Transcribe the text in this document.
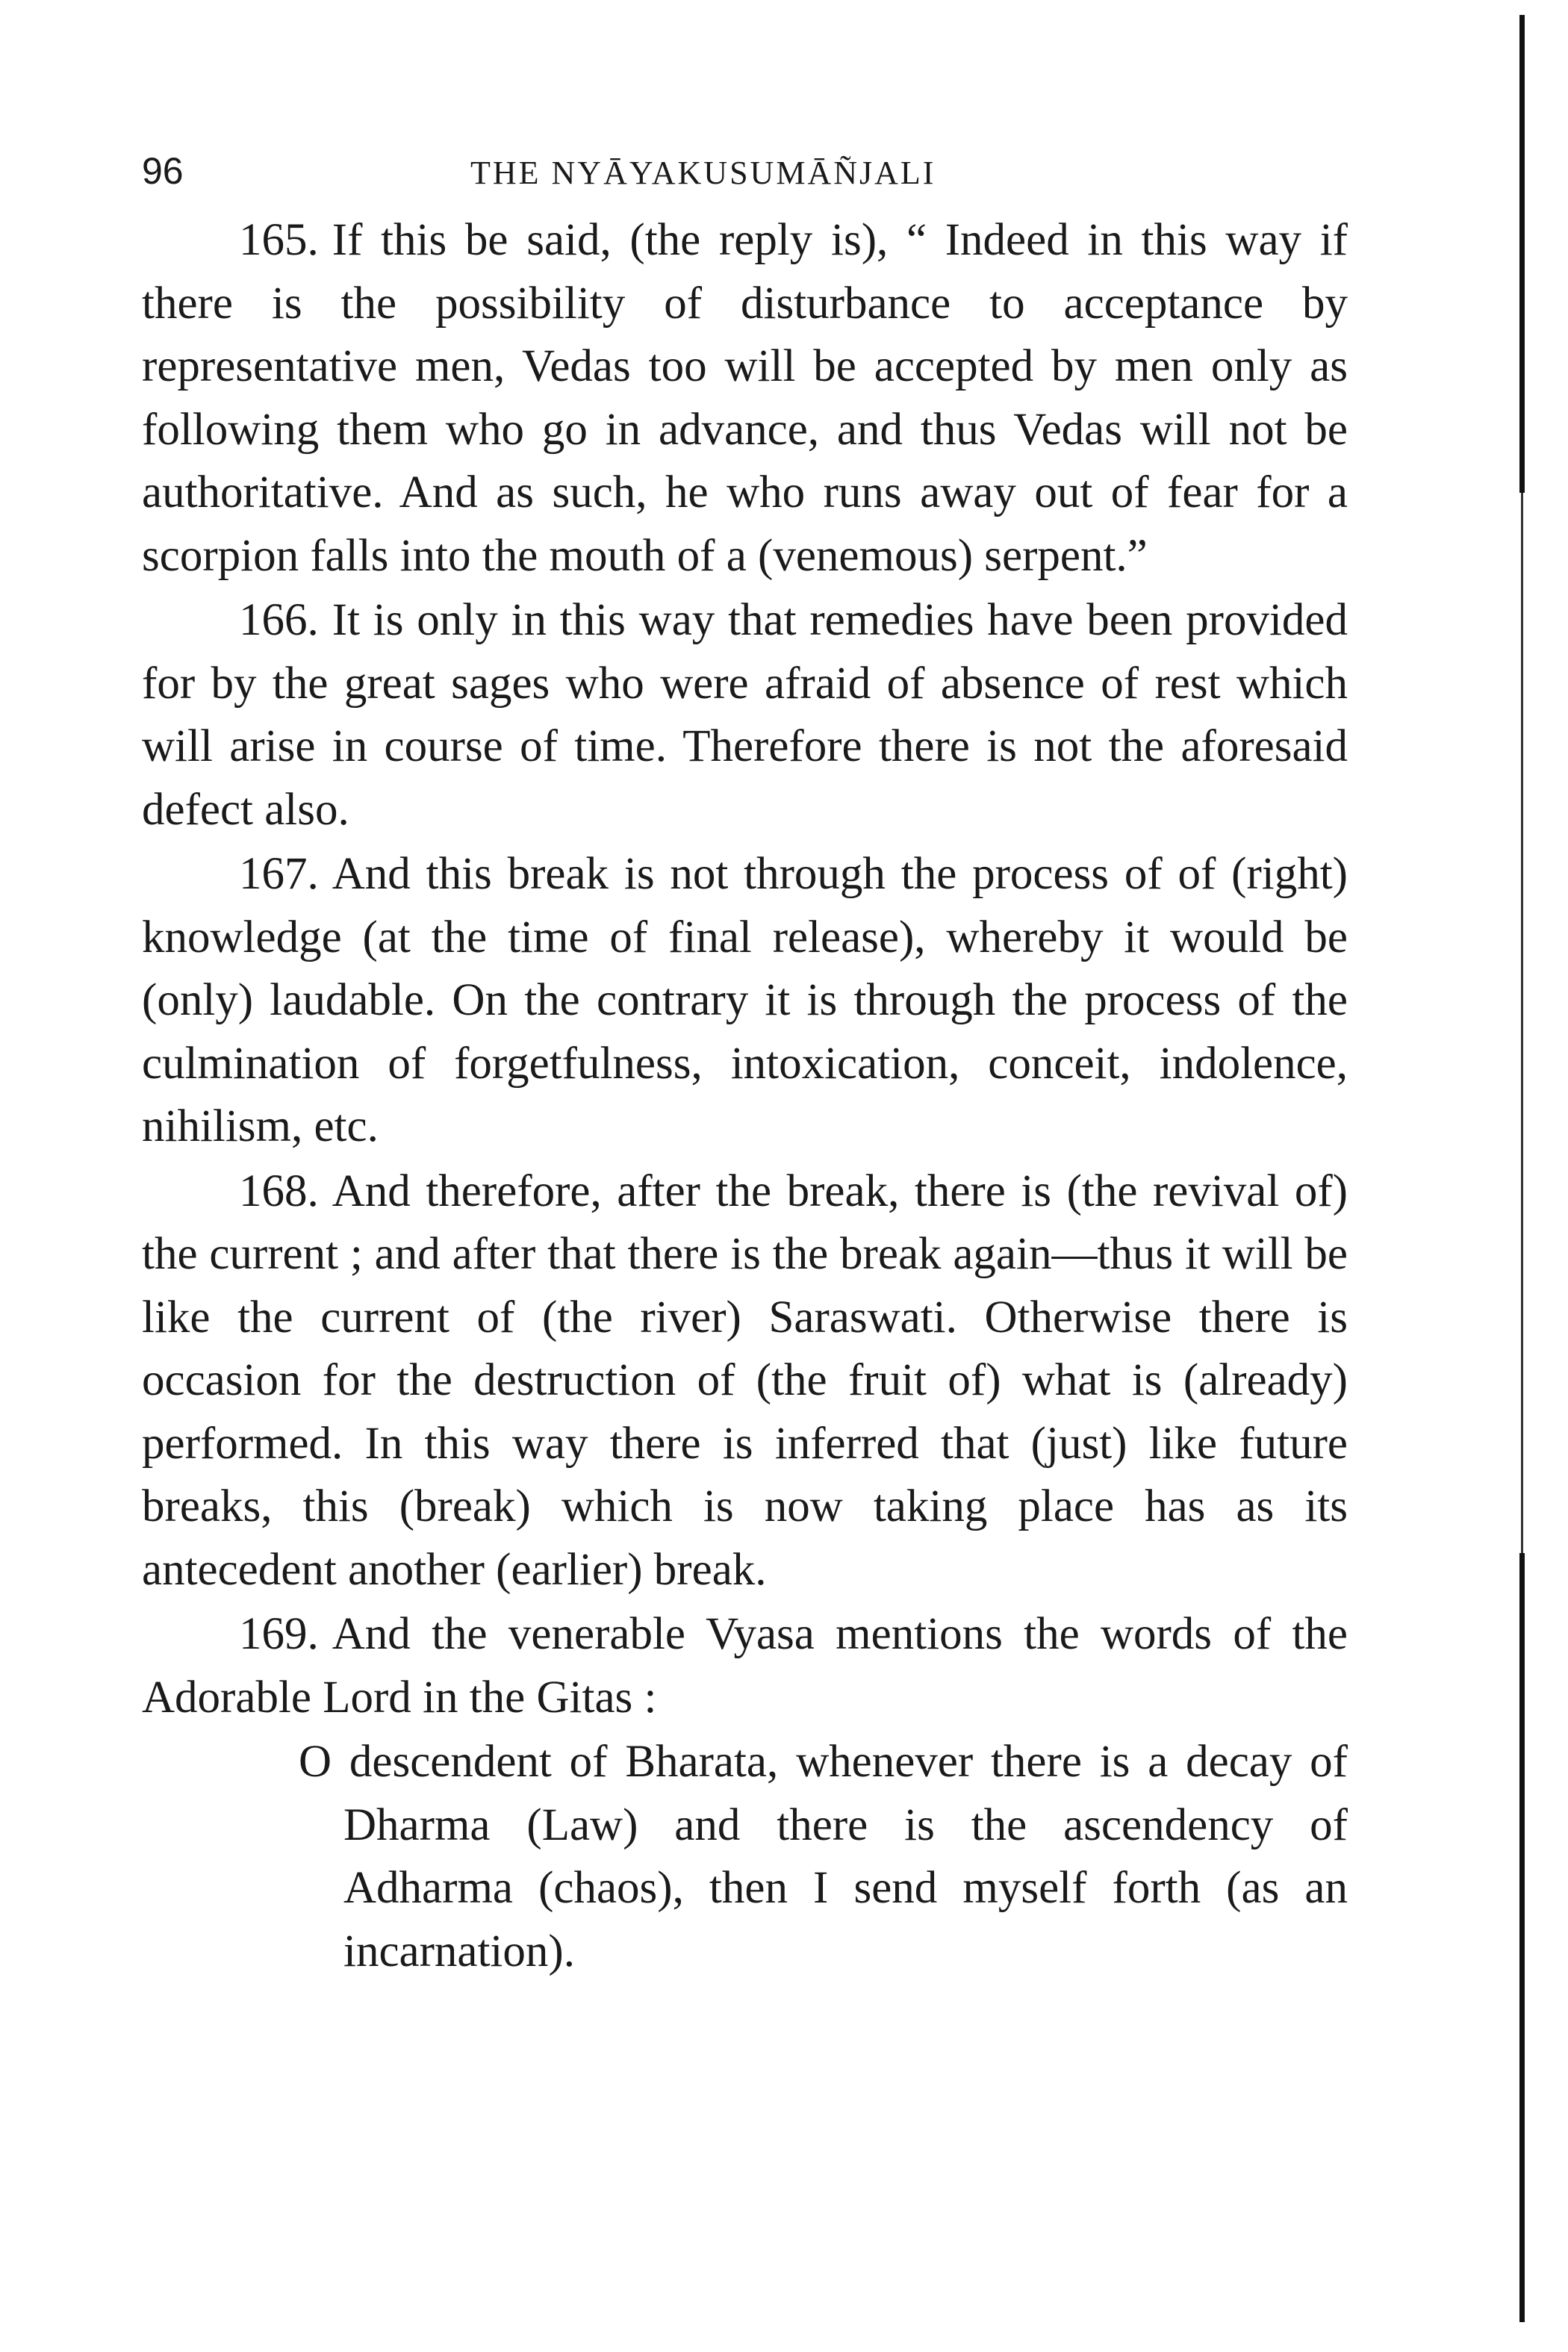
96	THE NYĀYAKUSUMĀÑJALI

165. If this be said, (the reply is), “ Indeed in this way if there is the possibility of disturbance to acceptance by representative men, Vedas too will be accepted by men only as following them who go in advance, and thus Vedas will not be authoritative. And as such, he who runs away out of fear for a scorpion falls into the mouth of a (venemous) serpent.”

166. It is only in this way that remedies have been provided for by the great sages who were afraid of absence of rest which will arise in course of time. Therefore there is not the aforesaid defect also.

167. And this break is not through the process of of (right) knowledge (at the time of final release), whereby it would be (only) laudable. On the contrary it is through the process of the culmination of forgetfulness, intoxication, conceit, indolence, nihilism, etc.

168. And therefore, after the break, there is (the revival of) the current ; and after that there is the break again—thus it will be like the current of (the river) Saraswati. Otherwise there is occasion for the destruction of (the fruit of) what is (already) performed. In this way there is inferred that (just) like future breaks, this (break) which is now taking place has as its antecedent another (earlier) break.

169. And the venerable Vyasa mentions the words of the Adorable Lord in the Gitas :

O descendent of Bharata, whenever there is a decay of Dharma (Law) and there is the ascendency of Adharma (chaos), then I send myself forth (as an incarnation).
